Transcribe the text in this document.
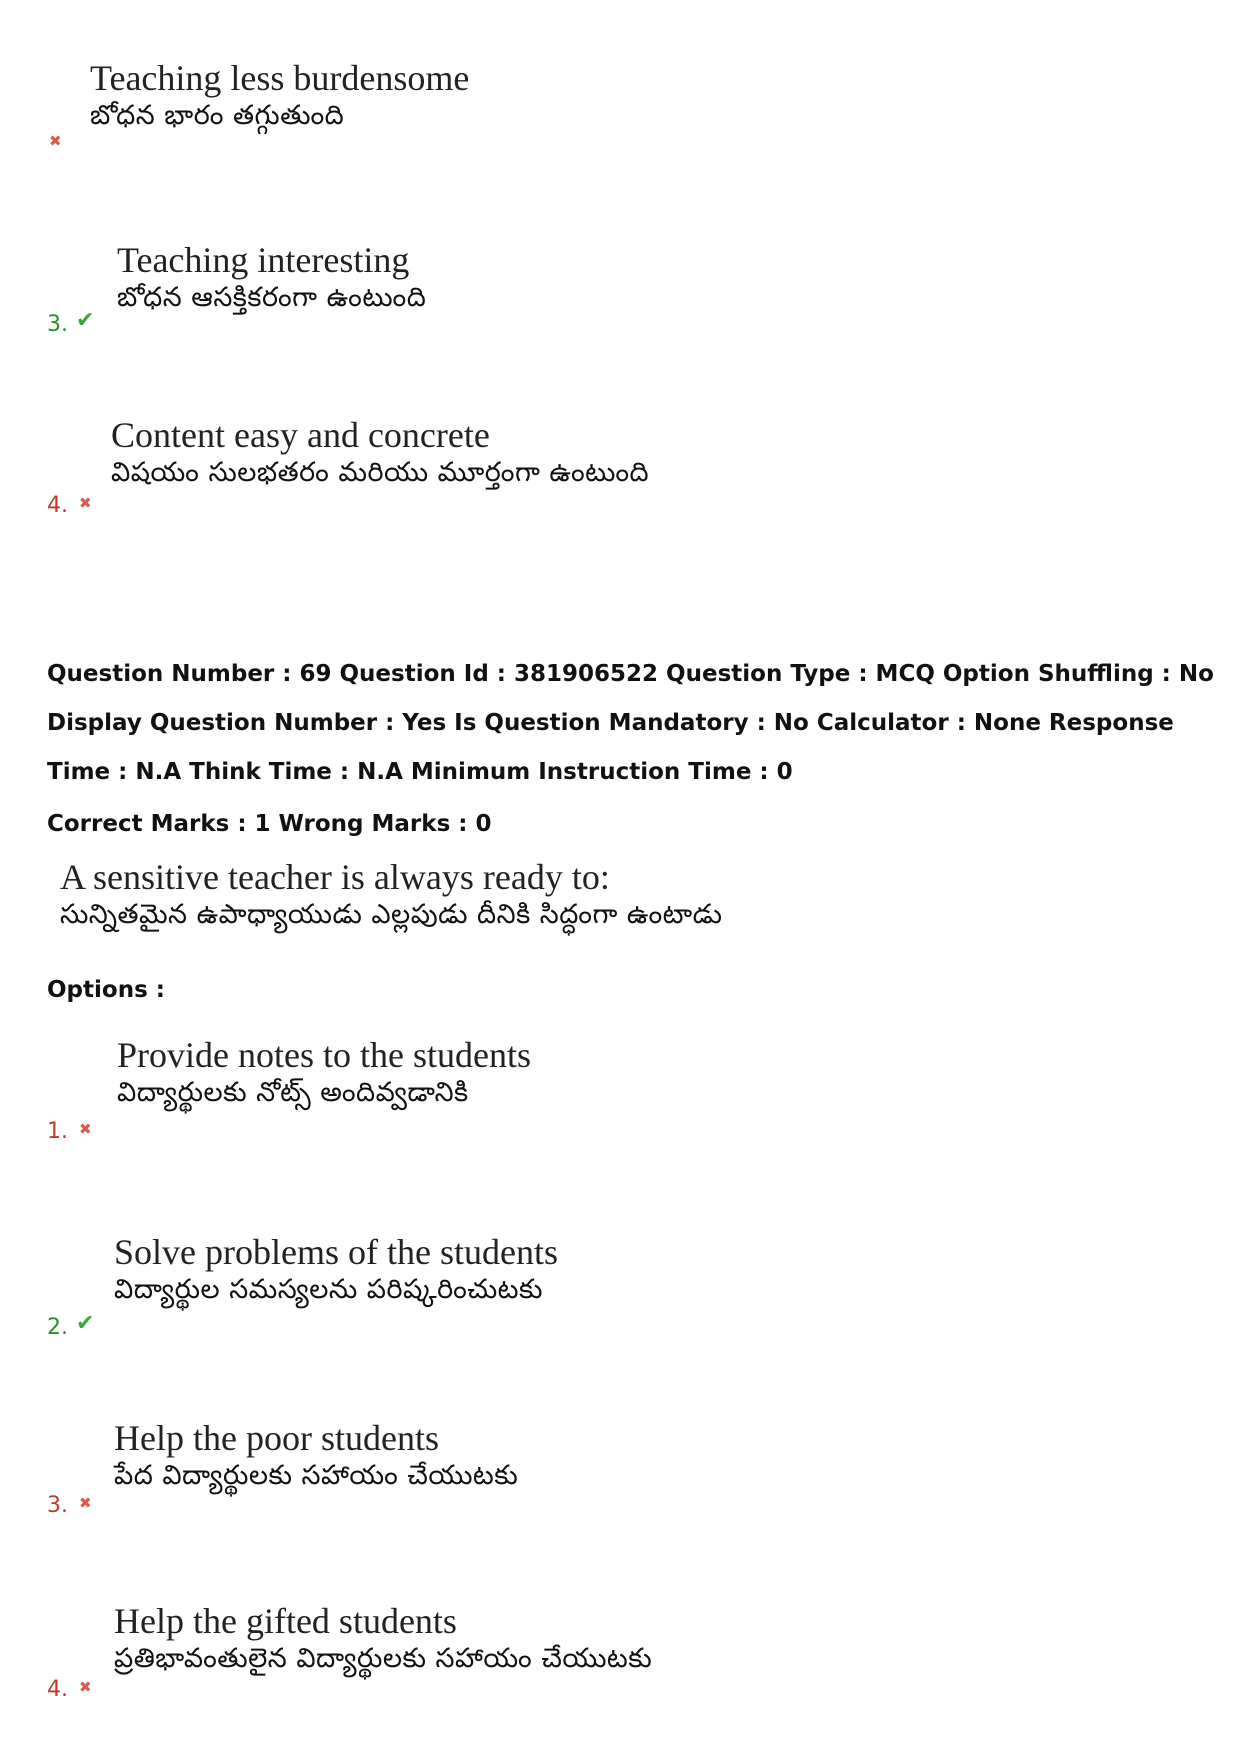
✖
Teaching less burdensome
బోధన భారం తగ్గుతుంది
3. ✔
Teaching interesting
బోధన ఆసక్తికరంగా ఉంటుంది
4. ✖
Content easy and concrete
విషయం సులభతరం మరియు మూర్తంగా ఉంటుంది
Question Number : 69 Question Id : 381906522 Question Type : MCQ Option Shuffling : No Display Question Number : Yes Is Question Mandatory : No Calculator : None Response Time : N.A Think Time : N.A Minimum Instruction Time : 0
Correct Marks : 1 Wrong Marks : 0
A sensitive teacher is always ready to:
సున్నితమైన ఉపాధ్యాయుడు ఎల్లపుడు దీనికి సిద్ధంగా ఉంటాడు
Options :
1. ✖
Provide notes to the students
విద్యార్థులకు నోట్స్ అందివ్వడానికి
2. ✔
Solve problems of the students
విద్యార్థుల సమస్యలను పరిష్కరించుటకు
3. ✖
Help the poor students
పేద విద్యార్థులకు సహాయం చేయుటకు
4. ✖
Help the gifted students
ప్రతిభావంతులైన విద్యార్థులకు సహాయం చేయుటకు
